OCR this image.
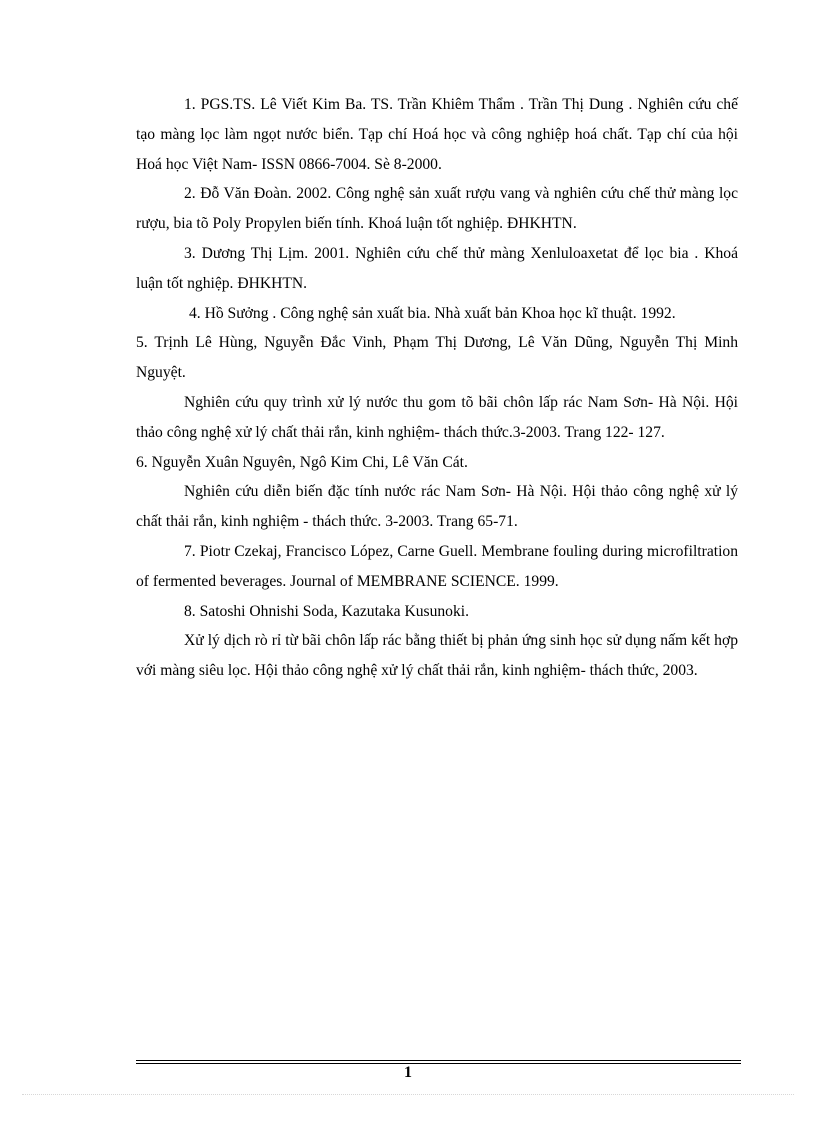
1. PGS.TS. Lê Viết Kim Ba. TS. Trần Khiêm Thẩm . Trần Thị Dung . Nghiên cứu chế tạo màng lọc làm ngọt nước biển. Tạp chí Hoá học và công nghiệp hoá chất. Tạp chí của hội Hoá học Việt Nam- ISSN 0866-7004. Sè 8-2000.

2. Đỗ Văn Đoàn. 2002. Công nghệ sản xuất rượu vang và nghiên cứu chế thử màng lọc rượu, bia tõ Poly Propylen biến tính. Khoá luận tốt nghiệp. ĐHKHTN.

3. Dương Thị Lịm. 2001. Nghiên cứu chế thử màng Xenluloaxetat để lọc bia . Khoá luận tốt nghiệp. ĐHKHTN.

4. Hồ Sưởng . Công nghệ sản xuất bia. Nhà xuất bản Khoa học kĩ thuật. 1992.

5. Trịnh Lê Hùng, Nguyễn Đắc Vinh, Phạm Thị Dương, Lê Văn Dũng, Nguyễn Thị Minh Nguyệt.

Nghiên cứu quy trình xử lý nước thu gom tõ bãi chôn lấp rác Nam Sơn- Hà Nội. Hội thảo công nghệ xử lý chất thải rắn, kinh nghiệm- thách thức.3-2003. Trang 122- 127.

6. Nguyễn Xuân Nguyên, Ngô Kim Chi, Lê Văn Cát.

Nghiên cứu diễn biến đặc tính nước rác Nam Sơn- Hà Nội. Hội thảo công nghệ xử lý chất thải rắn, kinh nghiệm - thách thức. 3-2003. Trang 65-71.

7. Piotr Czekaj, Francisco López, Carne Guell. Membrane fouling during microfiltration of fermented beverages. Journal of MEMBRANE SCIENCE. 1999.

8. Satoshi Ohnishi Soda, Kazutaka Kusunoki.

Xử lý dịch rò rỉ từ bãi chôn lấp rác bằng thiết bị phản ứng sinh học sử dụng nấm kết hợp với màng siêu lọc. Hội thảo công nghệ xử lý chất thải rắn, kinh nghiệm- thách thức, 2003.

1
